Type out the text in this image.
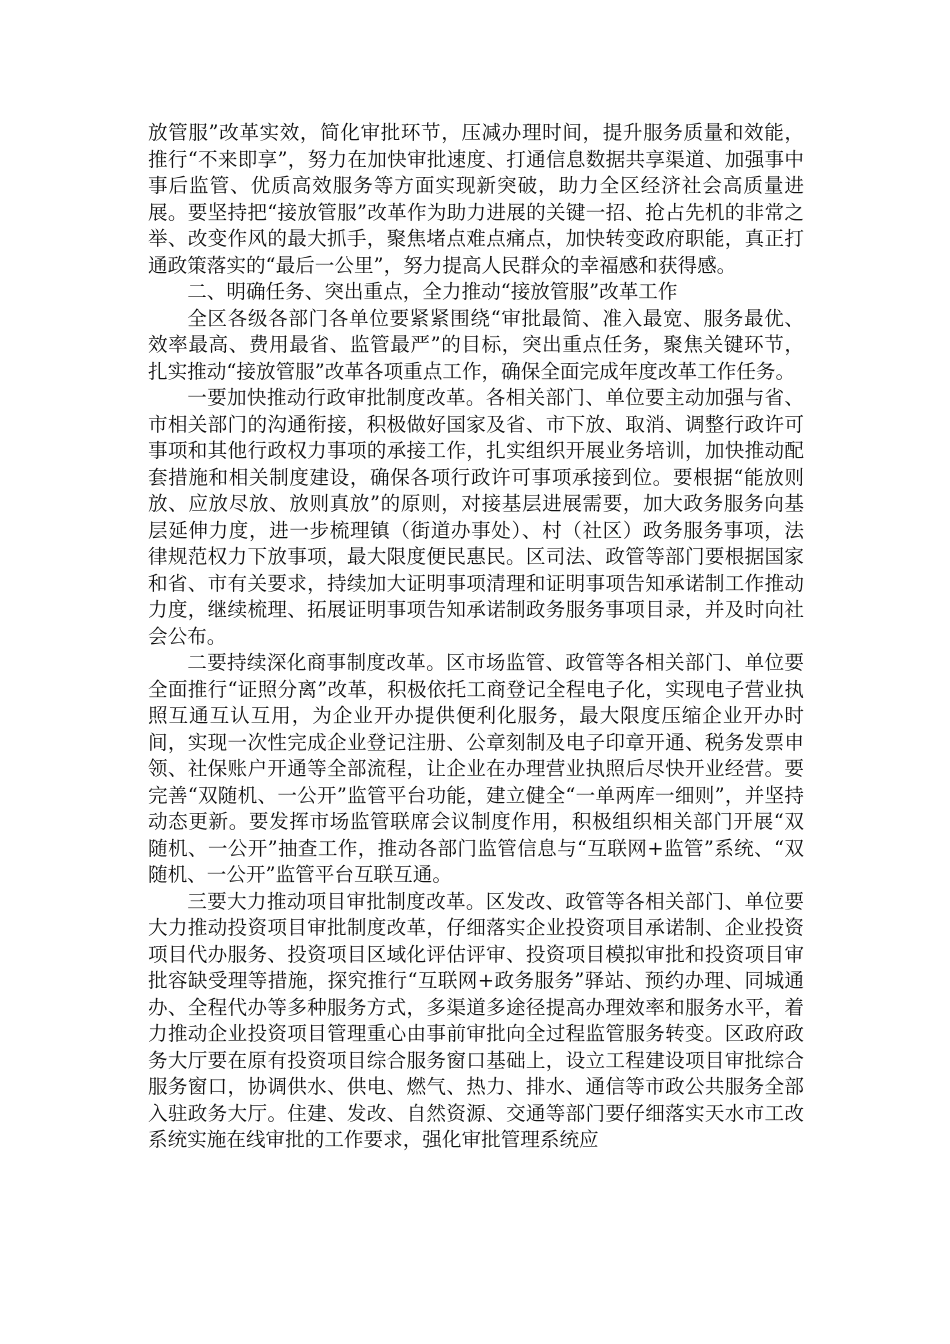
放管服”改革实效，简化审批环节，压减办理时间，提升服务质量和效能，推行“不来即享”，努力在加快审批速度、打通信息数据共享渠道、加强事中事后监管、优质高效服务等方面实现新突破，助力全区经济社会高质量进展。要坚持把“接放管服”改革作为助力进展的关键一招、抢占先机的非常之举、改变作风的最大抓手，聚焦堵点难点痛点，加快转变政府职能，真正打通政策落实的“最后一公里”，努力提高人民群众的幸福感和获得感。

二、明确任务、突出重点，全力推动“接放管服”改革工作

全区各级各部门各单位要紧紧围绕“审批最简、准入最宽、服务最优、效率最高、费用最省、监管最严”的目标，突出重点任务，聚焦关键环节，扎实推动“接放管服”改革各项重点工作，确保全面完成年度改革工作任务。

一要加快推动行政审批制度改革。各相关部门、单位要主动加强与省、市相关部门的沟通衔接，积极做好国家及省、市下放、取消、调整行政许可事项和其他行政权力事项的承接工作，扎实组织开展业务培训，加快推动配套措施和相关制度建设，确保各项行政许可事项承接到位。要根据“能放则放、应放尽放、放则真放”的原则，对接基层进展需要，加大政务服务向基层延伸力度，进一步梳理镇（街道办事处）、村（社区）政务服务事项，法律规范权力下放事项，最大限度便民惠民。区司法、政管等部门要根据国家和省、市有关要求，持续加大证明事项清理和证明事项告知承诺制工作推动力度，继续梳理、拓展证明事项告知承诺制政务服务事项目录，并及时向社会公布。

二要持续深化商事制度改革。区市场监管、政管等各相关部门、单位要全面推行“证照分离”改革，积极依托工商登记全程电子化，实现电子营业执照互通互认互用，为企业开办提供便利化服务，最大限度压缩企业开办时间，实现一次性完成企业登记注册、公章刻制及电子印章开通、税务发票申领、社保账户开通等全部流程，让企业在办理营业执照后尽快开业经营。要完善“双随机、一公开”监管平台功能，建立健全“一单两库一细则”，并坚持动态更新。要发挥市场监管联席会议制度作用，积极组织相关部门开展“双随机、一公开”抽查工作，推动各部门监管信息与“互联网+监管”系统、“双随机、一公开”监管平台互联互通。

三要大力推动项目审批制度改革。区发改、政管等各相关部门、单位要大力推动投资项目审批制度改革，仔细落实企业投资项目承诺制、企业投资项目代办服务、投资项目区域化评估评审、投资项目模拟审批和投资项目审批容缺受理等措施，探究推行“互联网+政务服务”驿站、预约办理、同城通办、全程代办等多种服务方式，多渠道多途径提高办理效率和服务水平，着力推动企业投资项目管理重心由事前审批向全过程监管服务转变。区政府政务大厅要在原有投资项目综合服务窗口基础上，设立工程建设项目审批综合服务窗口，协调供水、供电、燃气、热力、排水、通信等市政公共服务全部入驻政务大厅。住建、发改、自然资源、交通等部门要仔细落实天水市工改系统实施在线审批的工作要求，强化审批管理系统应
